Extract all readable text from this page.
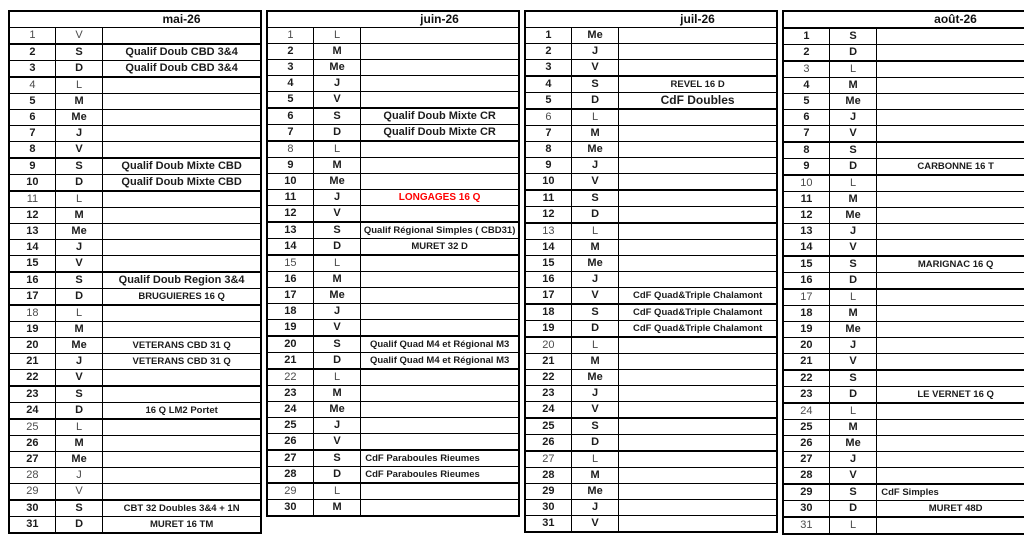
mai-26		

1	V	
2	S	Qualif Doub CBD 3&4
3	D	Qualif Doub CBD 3&4
4	L	
5	M	
6	Me	
7	J	
8	V	
9	S	Qualif Doub Mixte CBD
10	D	Qualif Doub Mixte CBD
11	L	
12	M	
13	Me	
14	J	
15	V	
16	S	Qualif Doub Region 3&4
17	D	BRUGUIERES 16 Q
18	L	
19	M	
20	Me	VETERANS CBD 31 Q
21	J	VETERANS CBD 31 Q
22	V	
23	S	
24	D	16 Q LM2 Portet
25	L	
26	M	
27	Me	
28	J	
29	V	
30	S	CBT 32 Doubles 3&4 + 1N
31	D	MURET 16 TM
juin-26		

1	L	
2	M	
3	Me	
4	J	
5	V	
6	S	Qualif Doub Mixte CR
7	D	Qualif Doub Mixte CR
8	L	
9	M	
10	Me	
11	J	LONGAGES 16 Q
12	V	
13	S	Qualif Régional Simples ( CBD31)
14	D	MURET 32 D
15	L	
16	M	
17	Me	
18	J	
19	V	
20	S	Qualif Quad M4 et Régional M3
21	D	Qualif Quad M4 et Régional M3
22	L	
23	M	
24	Me	
25	J	
26	V	
27	S	CdF Paraboules Rieumes
28	D	CdF Paraboules Rieumes
29	L	
30	M	
juil-26		

1	Me	
2	J	
3	V	
4	S	REVEL 16 D
5	D	CdF Doubles
6	L	
7	M	
8	Me	
9	J	
10	V	
11	S	
12	D	
13	L	
14	M	
15	Me	
16	J	
17	V	CdF Quad&Triple Chalamont
18	S	CdF Quad&Triple Chalamont
19	D	CdF Quad&Triple Chalamont
20	L	
21	M	
22	Me	
23	J	
24	V	
25	S	
26	D	
27	L	
28	M	
29	Me	
30	J	
31	V	
août-26		

1	S	
2	D	
3	L	
4	M	
5	Me	
6	J	
7	V	
8	S	
9	D	CARBONNE 16 T
10	L	
11	M	
12	Me	
13	J	
14	V	
15	S	MARIGNAC 16 Q
16	D	
17	L	
18	M	
19	Me	
20	J	
21	V	
22	S	
23	D	LE VERNET 16 Q
24	L	
25	M	
26	Me	
27	J	
28	V	
29	S	CdF Simples
30	D	MURET 48D
31	L	
